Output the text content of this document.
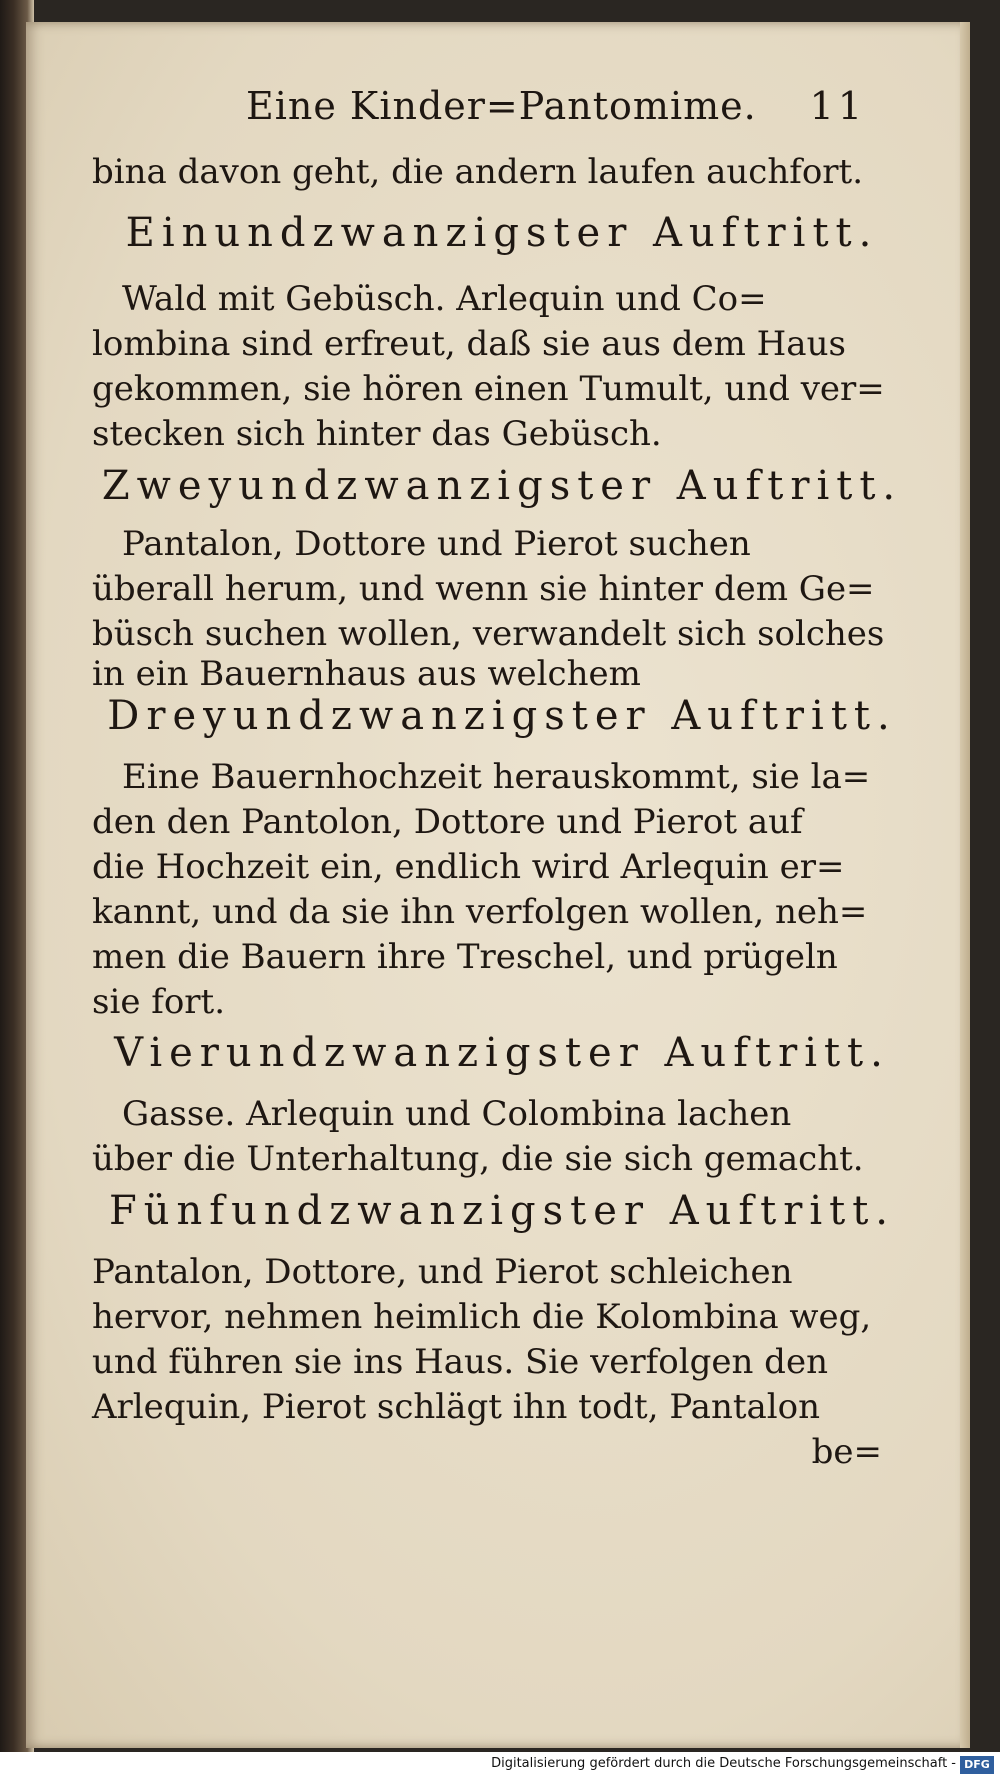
Eine Kinder=Pantomime. 11
bina davon geht, die andern laufen auchfort.
Einundzwanzigster Auftritt.
Wald mit Gebüsch. Arlequin und Co=
lombina sind erfreut, daß sie aus dem Haus
gekommen, sie hören einen Tumult, und ver=
stecken sich hinter das Gebüsch.
Zweyundzwanzigster Auftritt.
Pantalon, Dottore und Pierot suchen
überall herum, und wenn sie hinter dem Ge=
büsch suchen wollen, verwandelt sich solches
in ein Bauernhaus aus welchem
Dreyundzwanzigster Auftritt.
Eine Bauernhochzeit herauskommt, sie la=
den den Pantolon, Dottore und Pierot auf
die Hochzeit ein, endlich wird Arlequin er=
kannt, und da sie ihn verfolgen wollen, neh=
men die Bauern ihre Treschel, und prügeln
sie fort.
Vierundzwanzigster Auftritt.
Gasse. Arlequin und Colombina lachen
über die Unterhaltung, die sie sich gemacht.
Fünfundzwanzigster Auftritt.
Pantalon, Dottore, und Pierot schleichen
hervor, nehmen heimlich die Kolombina weg,
und führen sie ins Haus. Sie verfolgen den
Arlequin, Pierot schlägt ihn todt, Pantalon
be=
Digitalisierung gefördert durch die Deutsche Forschungsgemeinschaft - DFG
